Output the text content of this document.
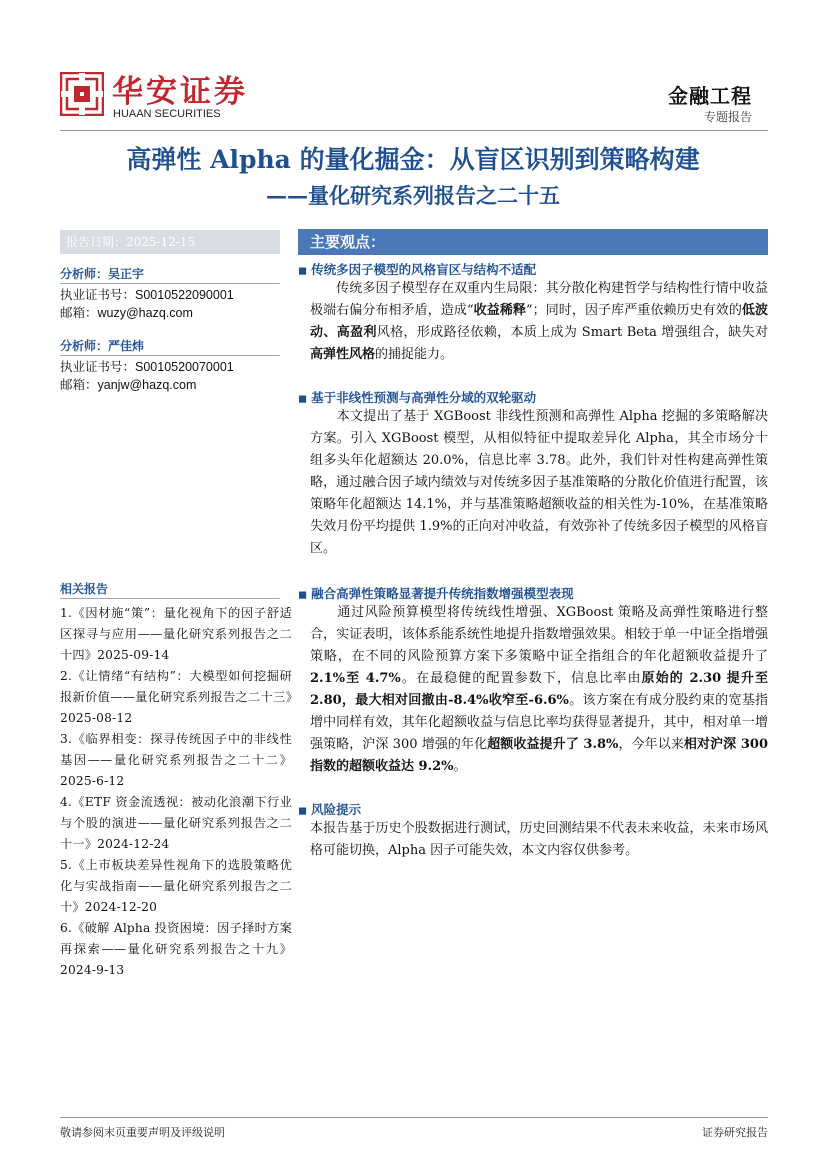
华安证券
HUAAN SECURITIES
金融工程
专题报告
高弹性 Alpha 的量化掘金：从盲区识别到策略构建
——量化研究系列报告之二十五
报告日期：2025-12-15
分析师：吴正宇
执业证书号：S0010522090001
邮箱：wuzy@hazq.com
分析师：严佳炜
执业证书号：S0010520070001
邮箱：yanjw@hazq.com
相关报告
1.《因材施“策”：量化视角下的因子舒适区探寻与应用——量化研究系列报告之二十四》2025-09-14
2.《让情绪“有结构”：大模型如何挖掘研报新价值——量化研究系列报告之二十三》2025-08-12
3.《临界相变：探寻传统因子中的非线性基因——量化研究系列报告之二十二》2025-6-12
4.《ETF 资金流透视：被动化浪潮下行业与个股的演进——量化研究系列报告之二十一》2024-12-24
5.《上市板块差异性视角下的选股策略优化与实战指南——量化研究系列报告之二十》2024-12-20
6.《破解 Alpha 投资困境：因子择时方案再探索——量化研究系列报告之十九》2024-9-13
主要观点：
◼ 传统多因子模型的风格盲区与结构不适配
　　传统多因子模型存在双重内生局限：其分散化构建哲学与结构性行情中收益极端右偏分布相矛盾，造成“收益稀释”；同时，因子库严重依赖历史有效的低波动、高盈利风格，形成路径依赖，本质上成为 Smart Beta 增强组合，缺失对高弹性风格的捕捉能力。
◼ 基于非线性预测与高弹性分域的双轮驱动
　　本文提出了基于 XGBoost 非线性预测和高弹性 Alpha 挖掘的多策略解决方案。引入 XGBoost 模型，从相似特征中提取差异化 Alpha，其全市场分十组多头年化超额达 20.0%，信息比率 3.78。此外，我们针对性构建高弹性策略，通过融合因子域内绩效与对传统多因子基准策略的分散化价值进行配置，该策略年化超额达 14.1%，并与基准策略超额收益的相关性为-10%，在基准策略失效月份平均提供 1.9%的正向对冲收益，有效弥补了传统多因子模型的风格盲区。
◼ 融合高弹性策略显著提升传统指数增强模型表现
　　通过风险预算模型将传统线性增强、XGBoost 策略及高弹性策略进行整合，实证表明，该体系能系统性地提升指数增强效果。相较于单一中证全指增强策略，在不同的风险预算方案下多策略中证全指组合的年化超额收益提升了 2.1%至 4.7%。在最稳健的配置参数下，信息比率由原始的 2.30 提升至 2.80，最大相对回撤由-8.4%收窄至-6.6%。该方案在有成分股约束的宽基指增中同样有效，其年化超额收益与信息比率均获得显著提升，其中，相对单一增强策略，沪深 300 增强的年化超额收益提升了 3.8%，今年以来相对沪深 300 指数的超额收益达 9.2%。
◼ 风险提示
本报告基于历史个股数据进行测试，历史回测结果不代表未来收益，未来市场风格可能切换，Alpha 因子可能失效，本文内容仅供参考。
敬请参阅末页重要声明及评级说明	证券研究报告
